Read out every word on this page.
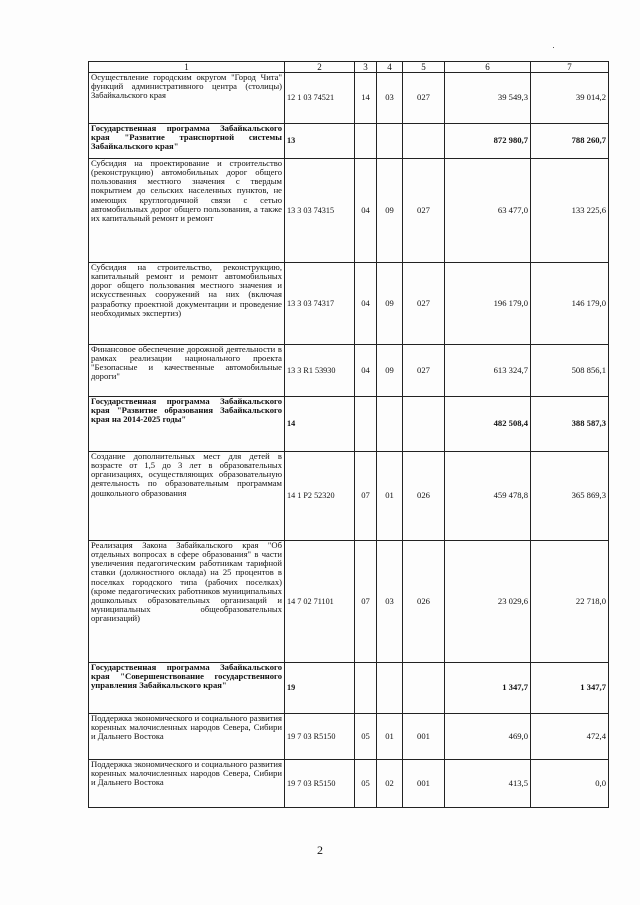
1	2	3	4	5	6	7
Осуществление городским округом "Город Чита" функций административного центра (столицы) Забайкальского края	12 1 03 74521	14	03	027	39 549,3	39 014,2
Государственная программа Забайкальского края "Развитие транспортной системы Забайкальского края"	13				872 980,7	788 260,7
Субсидия на проектирование и строительство (реконструкцию) автомобильных дорог общего пользования местного значения с твердым покрытием до сельских населенных пунктов, не имеющих круглогодичной связи с сетью автомобильных дорог общего пользования, а также их капитальный ремонт и ремонт	13 3 03 74315	04	09	027	63 477,0	133 225,6
Субсидия на строительство, реконструкцию, капитальный ремонт и ремонт автомобильных дорог общего пользования местного значения и искусственных сооружений на них (включая разработку проектной документации и проведение необходимых экспертиз)	13 3 03 74317	04	09	027	196 179,0	146 179,0
Финансовое обеспечение дорожной деятельности в рамках реализации национального проекта "Безопасные и качественные автомобильные дороги"	13 3 R1 53930	04	09	027	613 324,7	508 856,1
Государственная программа Забайкальского края "Развитие образования Забайкальского края на 2014-2025 годы"	14				482 508,4	388 587,3
Создание дополнительных мест для детей в возрасте от 1,5 до 3 лет в образовательных организациях, осуществляющих образовательную деятельность по образовательным программам дошкольного образования	14 1 P2 52320	07	01	026	459 478,8	365 869,3
Реализация Закона Забайкальского края "Об отдельных вопросах в сфере образования" в части увеличения педагогическим работникам тарифной ставки (должностного оклада) на 25 процентов в поселках городского типа (рабочих поселках) (кроме педагогических работников муниципальных дошкольных образовательных организаций и муниципальных общеобразовательных организаций)	14 7 02 71101	07	03	026	23 029,6	22 718,0
Государственная программа Забайкальского края "Совершенствование государственного управления Забайкальского края"	19				1 347,7	1 347,7
Поддержка экономического и социального развития коренных малочисленных народов Севера, Сибири и Дальнего Востока	19 7 03 R5150	05	01	001	469,0	472,4
Поддержка экономического и социального развития коренных малочисленных народов Севера, Сибири и Дальнего Востока	19 7 03 R5150	05	02	001	413,5	0,0
2
